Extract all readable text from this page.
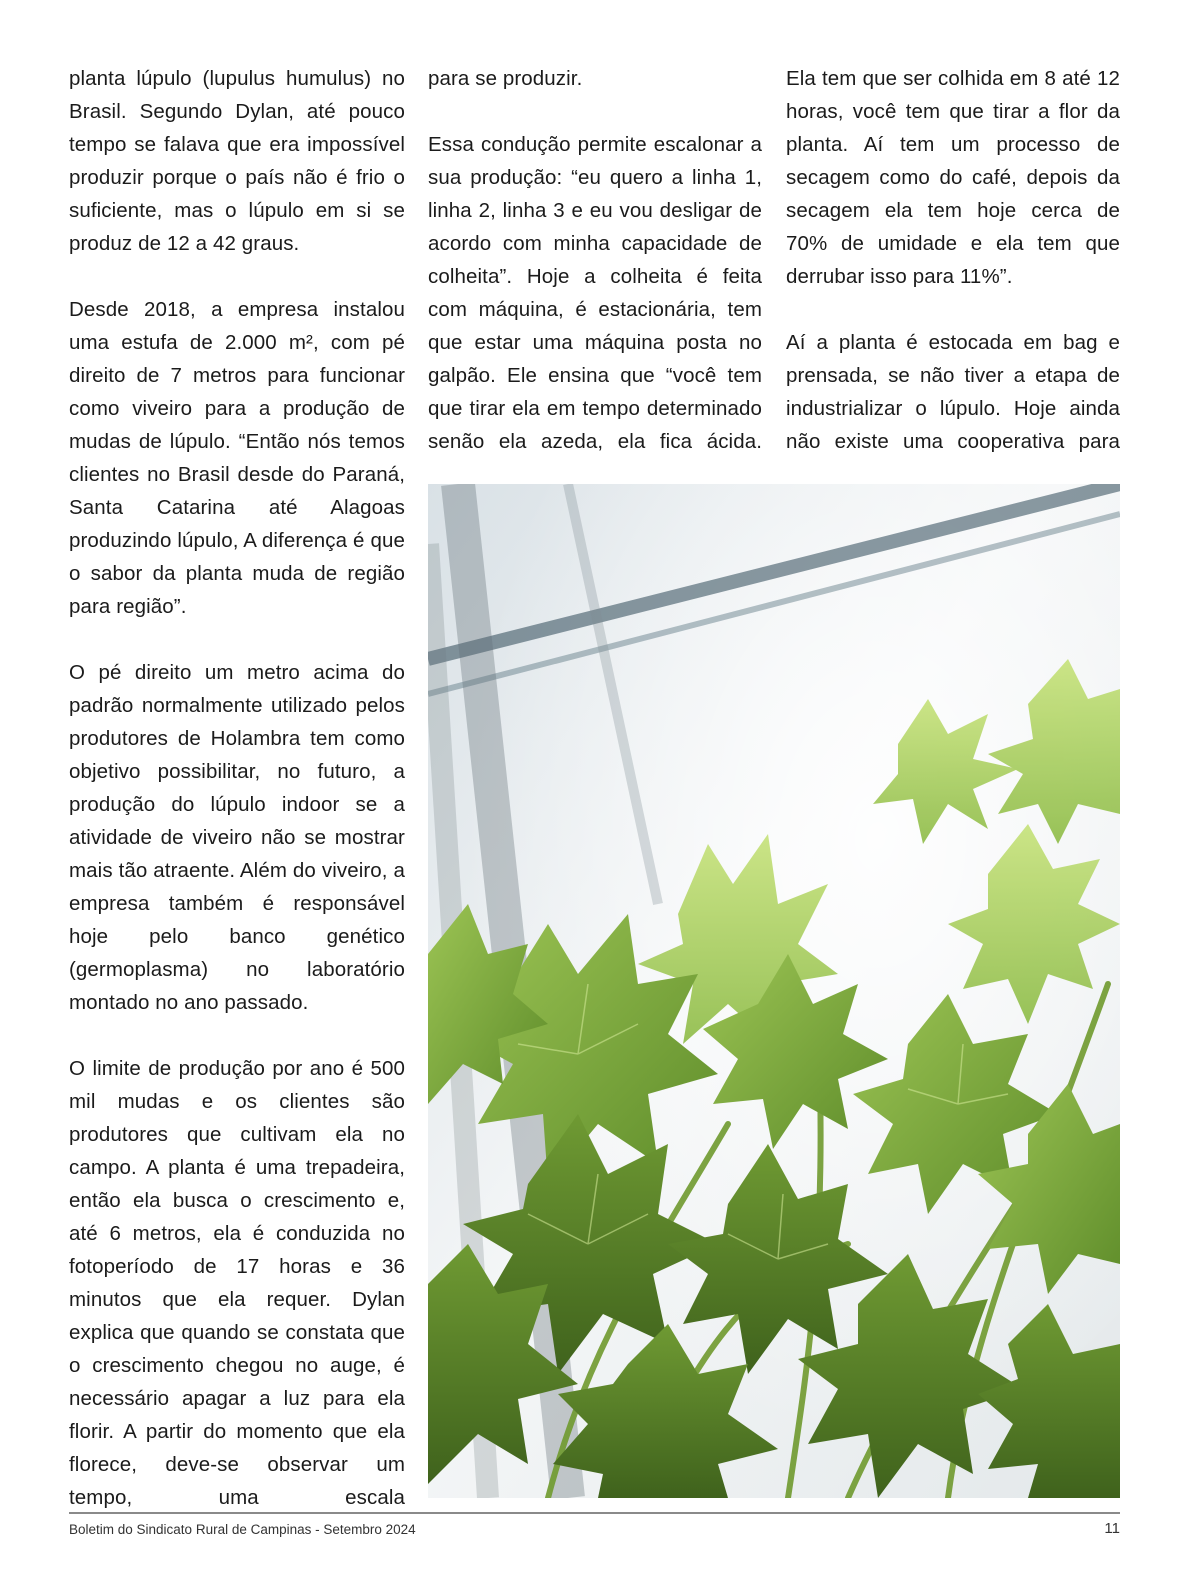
planta lúpulo (lupulus humulus) no Brasil. Segundo Dylan, até pouco tempo se falava que era impossível produzir porque o país não é frio o suficiente, mas o lúpulo em si se produz de 12 a 42 graus.

Desde 2018, a empresa instalou uma estufa de 2.000 m², com pé direito de 7 metros para funcionar como viveiro para a produção de mudas de lúpulo. “Então nós temos clientes no Brasil desde do Paraná, Santa Catarina até Alagoas produzindo lúpulo, A diferença é que o sabor da planta muda de região para região”.

O pé direito um metro acima do padrão normalmente utilizado pelos produtores de Holambra tem como objetivo possibilitar, no futuro, a produção do lúpulo indoor se a atividade de viveiro não se mostrar mais tão atraente. Além do viveiro, a empresa também é responsável hoje pelo banco genético (germoplasma) no laboratório montado no ano passado.

O limite de produção por ano é 500 mil mudas e os clientes são produtores que cultivam ela no campo. A planta é uma trepadeira, então ela busca o crescimento e, até 6 metros, ela é conduzida no fotoperíodo de 17 horas e 36 minutos que ela requer. Dylan explica que quando se constata que o crescimento chegou no auge, é necessário apagar a luz para ela florir. A partir do momento que ela florece, deve-se observar um tempo, uma escala

para se produzir.

Essa condução permite escalonar a sua produção: “eu quero a linha 1, linha 2, linha 3 e eu vou desligar de acordo com minha capacidade de colheita”. Hoje a colheita é feita com máquina, é estacionária, tem que estar uma máquina posta no galpão. Ele ensina que “você tem que tirar ela em tempo determinado senão ela azeda, ela fica ácida.

Ela tem que ser colhida em 8 até 12 horas, você tem que tirar a flor da planta. Aí tem um processo de secagem como do café, depois da secagem ela tem hoje cerca de 70% de umidade e ela tem que derrubar isso para 11%”.

Aí a planta é estocada em bag e prensada, se não tiver a etapa de industrializar o lúpulo. Hoje ainda não existe uma cooperativa para

Boletim do Sindicato Rural de Campinas - Setembro 2024	11
